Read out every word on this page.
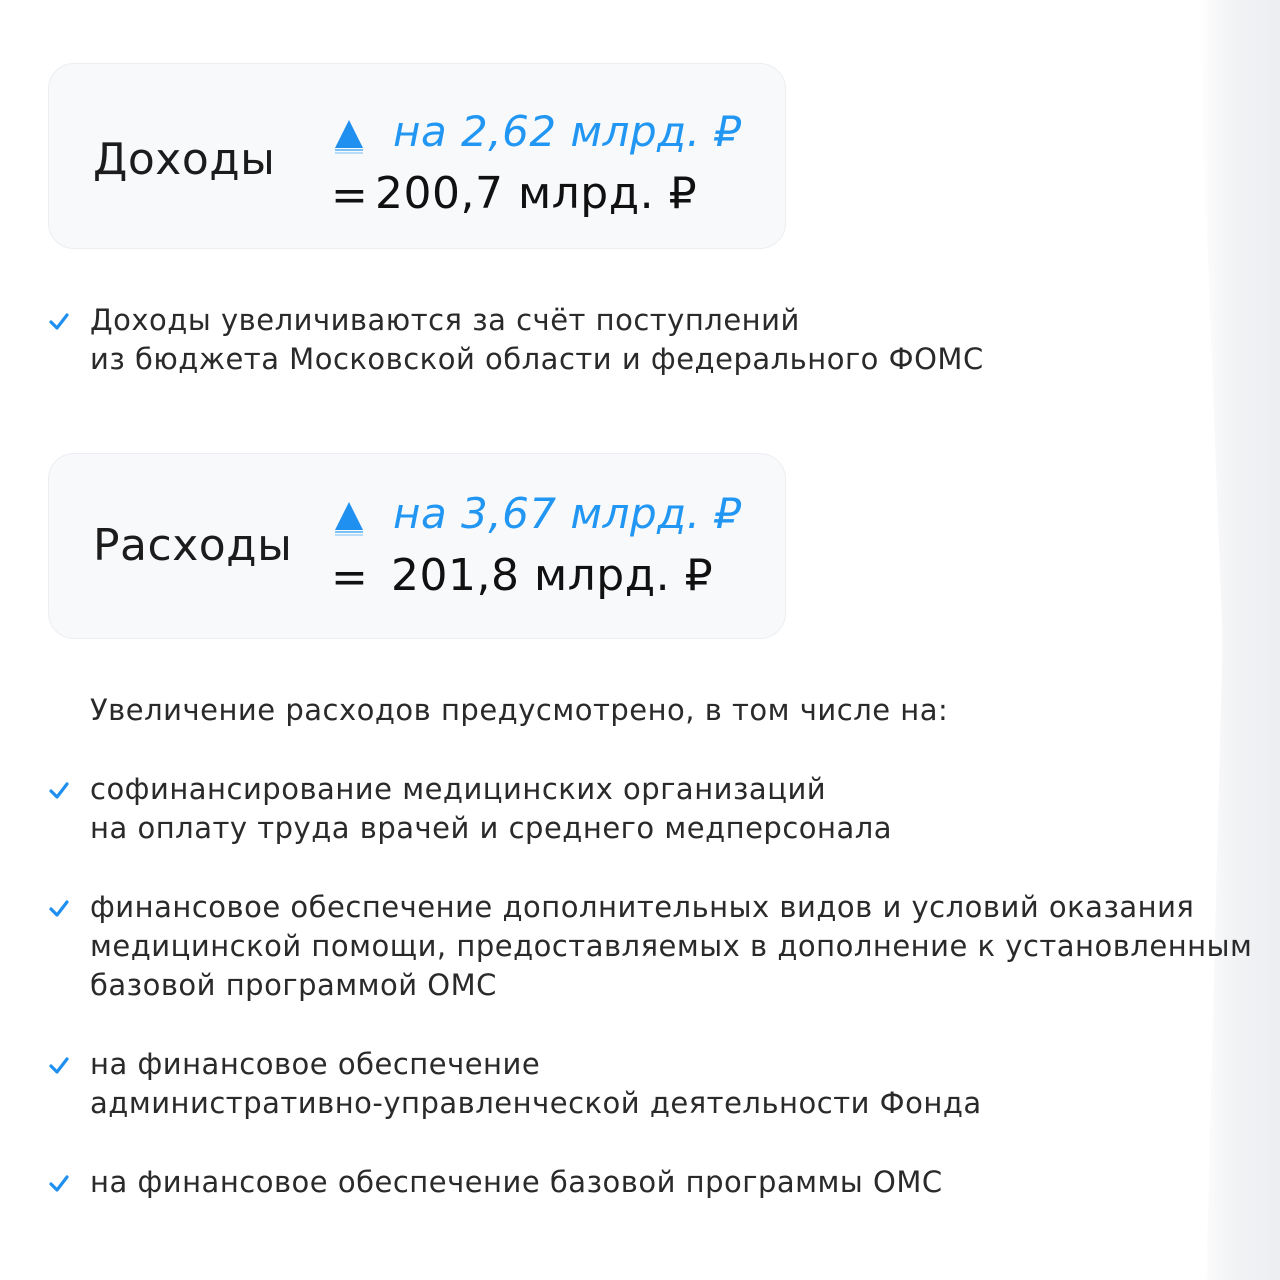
Доходы
на 2,62 млрд. ₽
= 200,7 млрд. ₽
Доходы увеличиваются за счёт поступлений
из бюджета Московской области и федерального ФОМС
Расходы
на 3,67 млрд. ₽
= 201,8 млрд. ₽
Увеличение расходов предусмотрено, в том числе на:
софинансирование медицинских организаций
на оплату труда врачей и среднего медперсонала
финансовое обеспечение дополнительных видов и условий оказания
медицинской помощи, предоставляемых в дополнение к установленным
базовой программой ОМС
на финансовое обеспечение
административно-управленческой деятельности Фонда
на финансовое обеспечение базовой программы ОМС
